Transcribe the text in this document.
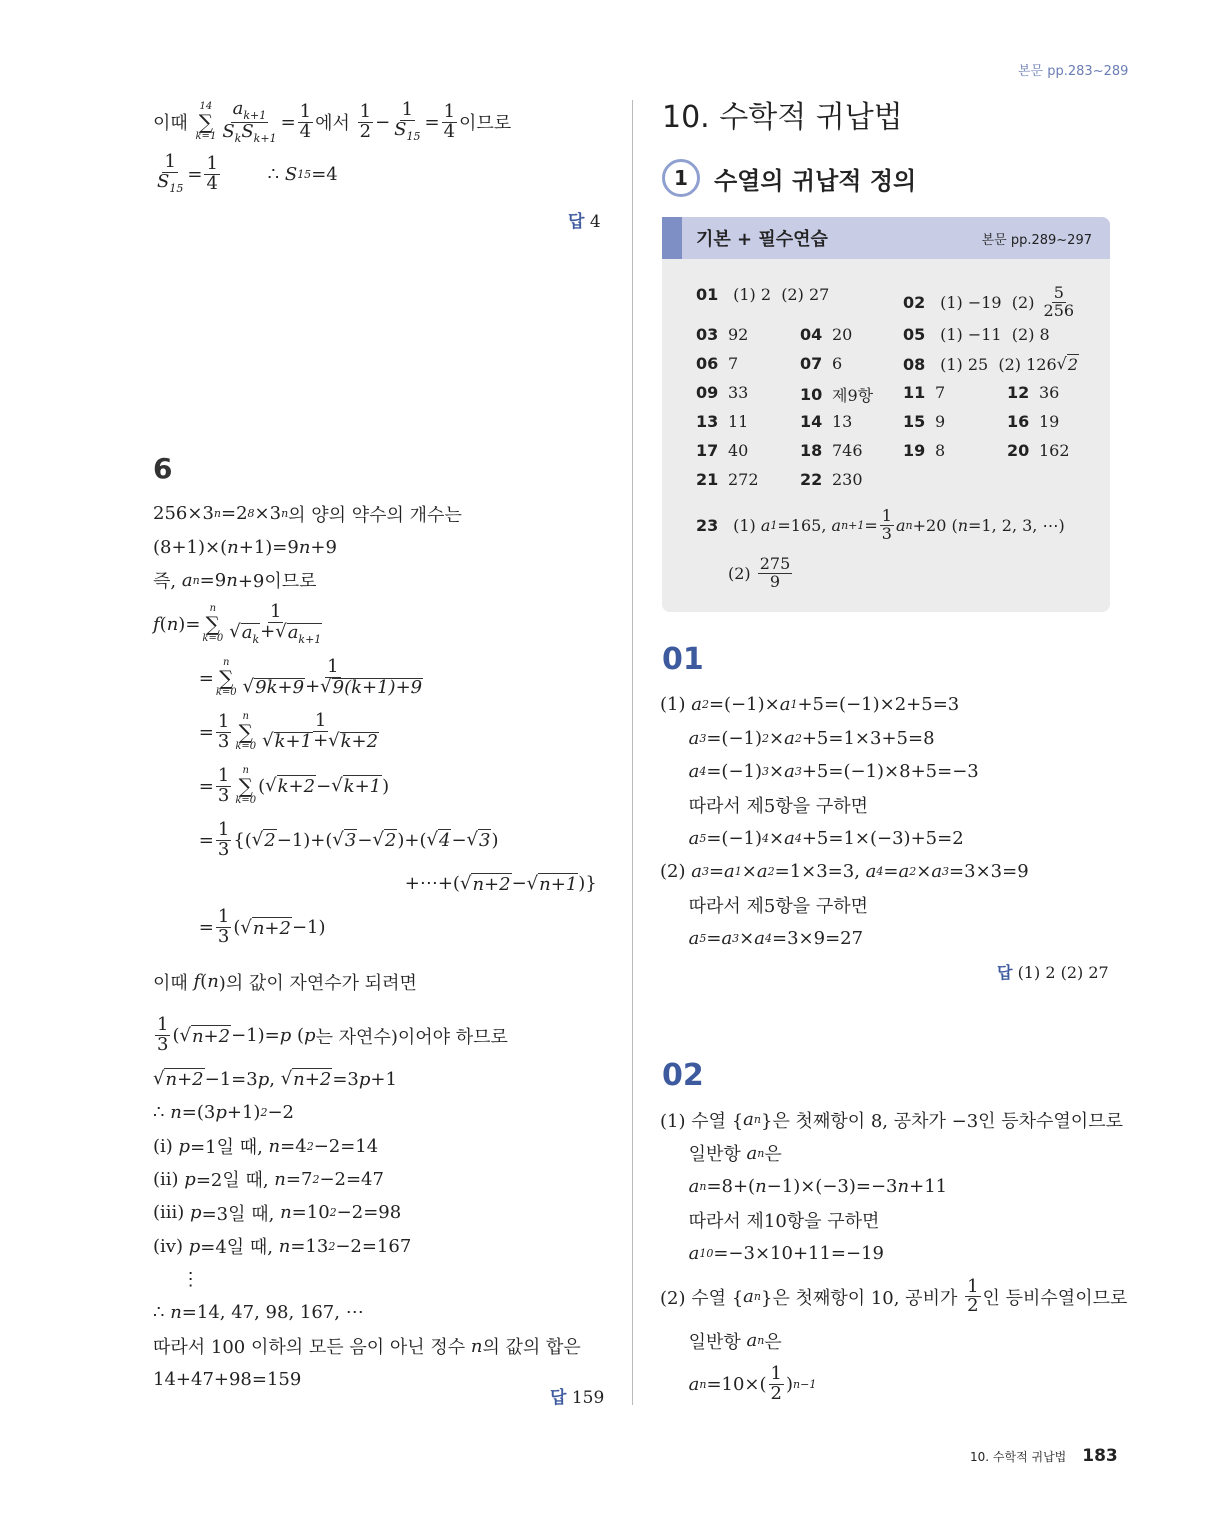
본문 pp.283~289
이때
14
∑
$k=1 \frac{a_{k+1}}{S_kS_{k+1}} = \frac{1}{4}$ 에서 $\frac{1}{2} - \frac{1}{S_{15}} = \frac{1}{4}$ 이므로
$\frac{1}{S_{15}} = \frac{1}{4}$ ∴ S 15 =4
답 4
6
256×3 n =2 8 ×3 n 의 양의 약수의 개수는
(8+1)×( n +1)=9 n +9
즉, a n =9 n +9이므로
f ( n )=
n
∑
$k=0 \frac{1}{√ a_k + √ a_{k+1}}$
=
n
∑
$k=0 \frac{1}{√ 9k+9 + √ 9(k+1)+9}$
= $\frac{1}{3}$ n
∑
$k=0 \frac{1}{√ k+1 + √ k+2}$
= $\frac{1}{3}$ n
∑
k=0
( √ k+2 − √ k+1 )
= $\frac{1}{3}$ {( √ 2 −1)+( √ 3 − √ 2 )+( √ 4 − √ 3 )
+⋯+( √ n+2 − √ n+1 )}
= $\frac{1}{3}$ ( √ n+2 −1)
이때 f ( n )의 값이 자연수가 되려면
$\frac{1}{3}$ ( √ n+2 −1)= p ( p 는 자연수)이어야 하므로
√ n+2 −1=3 p , √ n+2 =3 p +1
∴ n =(3 p +1) 2 −2
(i) p =1일 때, n =4 2 −2=14
(ii) p =2일 때, n =7 2 −2=47
(iii) p =3일 때, n =10 2 −2=98
(iv) p =4일 때, n =13 2 −2=167
⋮
∴ n =14, 47, 98, 167, ⋯
따라서 100 이하의 모든 음이 아닌 정수 n 의 값의 합은
14+47+98=159
답 159
10. 수학적 귀납법
1	수열의 귀납적 정의
기본 + 필수연습	본문 pp.289~297
01 (1) 2  (2) 27	02 (1) −19  $(2) \frac{5}{256}$
03 92	04 20	05 (1) −11  (2) 8
06 7	07 6	08 (1) 25  (2) 126 √ 2
09 33	10 제9항 11 7	12 36
13 11	14 13	15 9	16 19
17 40	18 746	19 8	20 162
21 272	22 230
23 (1) a 1 =165, a $n+1 = \frac{1}{3}$ a n +20 ( n =1, 2, 3, ⋯)
$(2) \frac{275}{9}$
01
(1) a 2 =(−1)× a 1 +5=(−1)×2+5=3

a 3 =(−1) 2 × a 2 +5=1×3+5=8

a 4 =(−1) 3 × a 3 +5=(−1)×8+5=−3
따라서 제5항을 구하면

a 5 =(−1) 4 × a 4 +5=1×(−3)+5=2
(2) a 3 = a 1 × a 2 =1×3=3, a 4 = a 2 × a 3 =3×3=9
따라서 제5항을 구하면

a 5 = a 3 × a 4 =3×9=27
답 (1) 2 (2) 27
02
(1) 수열 { a n }은 첫째항이 8, 공차가 −3인 등차수열이므로
일반항 a n 은

a n =8+( n −1)×(−3)=−3 n +11
따라서 제10항을 구하면

a 10 =−3×10+11=−19
(2) 수열 { a n }은 첫째항이 10, 공비가 $\frac{1}{2}$ 인 등비수열이므로
일반항 a n 은

a $n =10\times( \frac{1}{2}$ ) n−1
10. 수학적 귀납법 183
